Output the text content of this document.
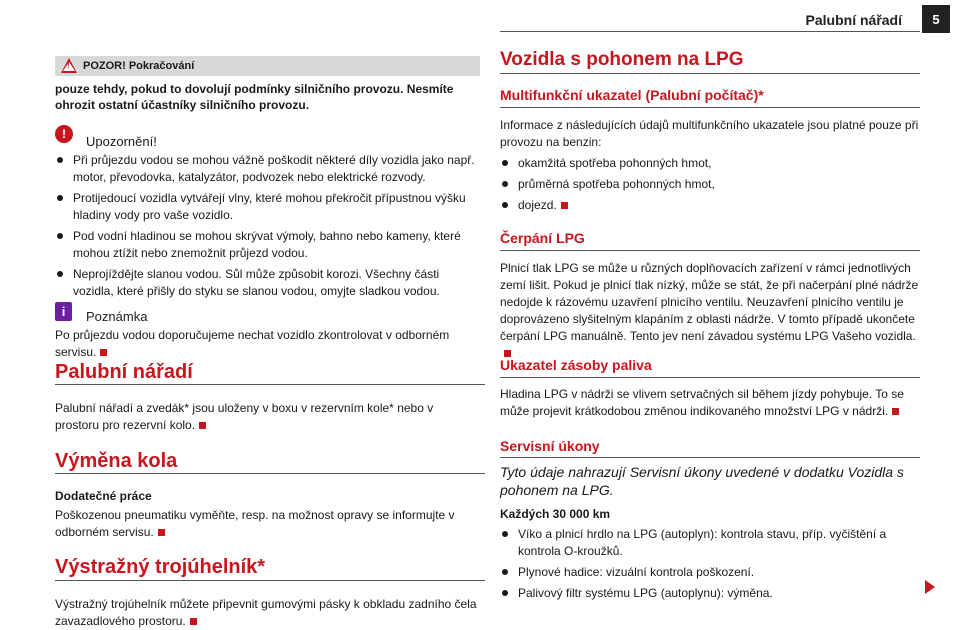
Palubní nářadí	5
! POZOR! Pokračování
pouze tehdy, pokud to dovolují podmínky silničního provozu. Nesmíte ohrozit ostatní účastníky silničního provozu.
!
Upozornění!
Při průjezdu vodou se mohou vážně poškodit některé díly vozidla jako např. motor, převodovka, katalyzátor, podvozek nebo elektrické rozvody.
Protijedoucí vozidla vytvářejí vlny, které mohou překročit přípustnou výšku hladiny vody pro vaše vozidlo.
Pod vodní hladinou se mohou skrývat výmoly, bahno nebo kameny, které mohou ztížit nebo znemožnit průjezd vodou.
Neprojíždějte slanou vodou. Sůl může způsobit korozi. Všechny části vozidla, které přišly do styku se slanou vodou, omyjte sladkou vodou.
i	Poznámka
Po průjezdu vodou doporučujeme nechat vozidlo zkontrolovat v odborném servisu.
Palubní nářadí
Palubní nářadí a zvedák* jsou uloženy v boxu v rezervním kole* nebo v prostoru pro rezervní kolo.
Výměna kola
Dodatečné práce
Poškozenou pneumatiku vyměňte, resp. na možnost opravy se informujte v odborném servisu.
Výstražný trojúhelník*
Výstražný trojúhelník můžete připevnit gumovými pásky k obkladu zadního čela zavazadlového prostoru.
Vozidla s pohonem na LPG
Multifunkční ukazatel (Palubní počítač)*
Informace z následujících údajů multifunkčního ukazatele jsou platné pouze při provozu na benzin:
okamžitá spotřeba pohonných hmot,
průměrná spotřeba pohonných hmot,
dojezd.
Čerpání LPG
Plnicí tlak LPG se může u různých doplňovacích zařízení v rámci jednotlivých zemí lišit. Pokud je plnicí tlak nízký, může se stát, že při načerpání plné nádrže nedojde k rázovému uzavření plnicího ventilu. Neuzavření plnicího ventilu je doprovázeno slyšitelným klapáním z oblasti nádrže. V tomto případě ukončete čerpání LPG manuálně. Tento jev není závadou systému LPG Vašeho vozidla.
Ukazatel zásoby paliva
Hladina LPG v nádrži se vlivem setrvačných sil během jízdy pohybuje. To se může projevit krátkodobou změnou indikovaného množství LPG v nádrži.
Servisní úkony
Tyto údaje nahrazují Servisní úkony uvedené v dodatku Vozidla s pohonem na LPG.
Každých 30 000 km
Víko a plnicí hrdlo na LPG (autoplyn): kontrola stavu, příp. vyčištění a kontrola O-kroužků.
Plynové hadice: vizuální kontrola poškození.
Palivový filtr systému LPG (autoplynu): výměna.
